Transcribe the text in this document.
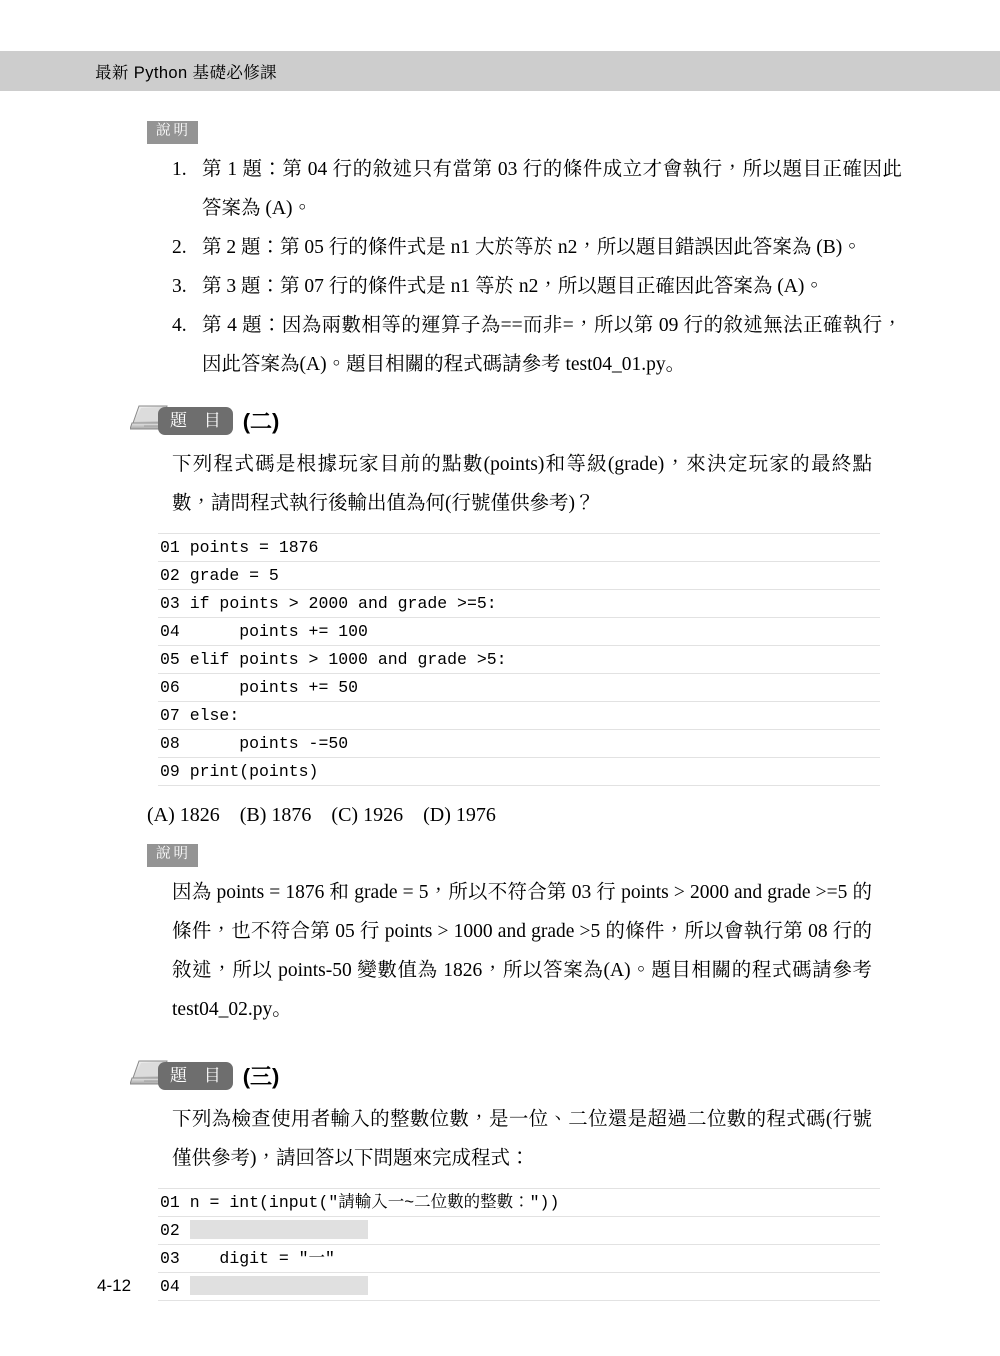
最新 Python 基礎必修課
說明
1. 第 1 題：第 04 行的敘述只有當第 03 行的條件成立才會執行，所以題目正確因此答案為 (A)。
2. 第 2 題：第 05 行的條件式是 n1 大於等於 n2，所以題目錯誤因此答案為 (B)。
3. 第 3 題：第 07 行的條件式是 n1 等於 n2，所以題目正確因此答案為 (A)。
4. 第 4 題：因為兩數相等的運算子為==而非=，所以第 09 行的敘述無法正確執行，因此答案為(A)。題目相關的程式碼請參考 test04_01.py。
題 目 (二)

下列程式碼是根據玩家目前的點數(points)和等級(grade)，來決定玩家的最終點數，請問程式執行後輸出值為何(行號僅供參考)？

01 points = 1876
02 grade = 5
03 if points > 2000 and grade >=5:
04      points += 100
05 elif points > 1000 and grade >5:
06      points += 50
07 else:
08      points -=50
09 print(points)
(A) 1826    (B) 1876    (C) 1926    (D) 1976
說明

因為 points = 1876 和 grade = 5，所以不符合第 03 行 points > 2000 and grade >=5 的條件，也不符合第 05 行 points > 1000 and grade >5 的條件，所以會執行第 08 行的敘述，所以 points-50 變數值為 1826，所以答案為(A)。題目相關的程式碼請參考 test04_02.py。

題 目 (三)

下列為檢查使用者輸入的整數位數，是一位、二位還是超過二位數的程式碼(行號僅供參考)，請回答以下問題來完成程式：

01 n = int(input("請輸入一~二位數的整數："))
02
03    digit = "一"
04
4-12
